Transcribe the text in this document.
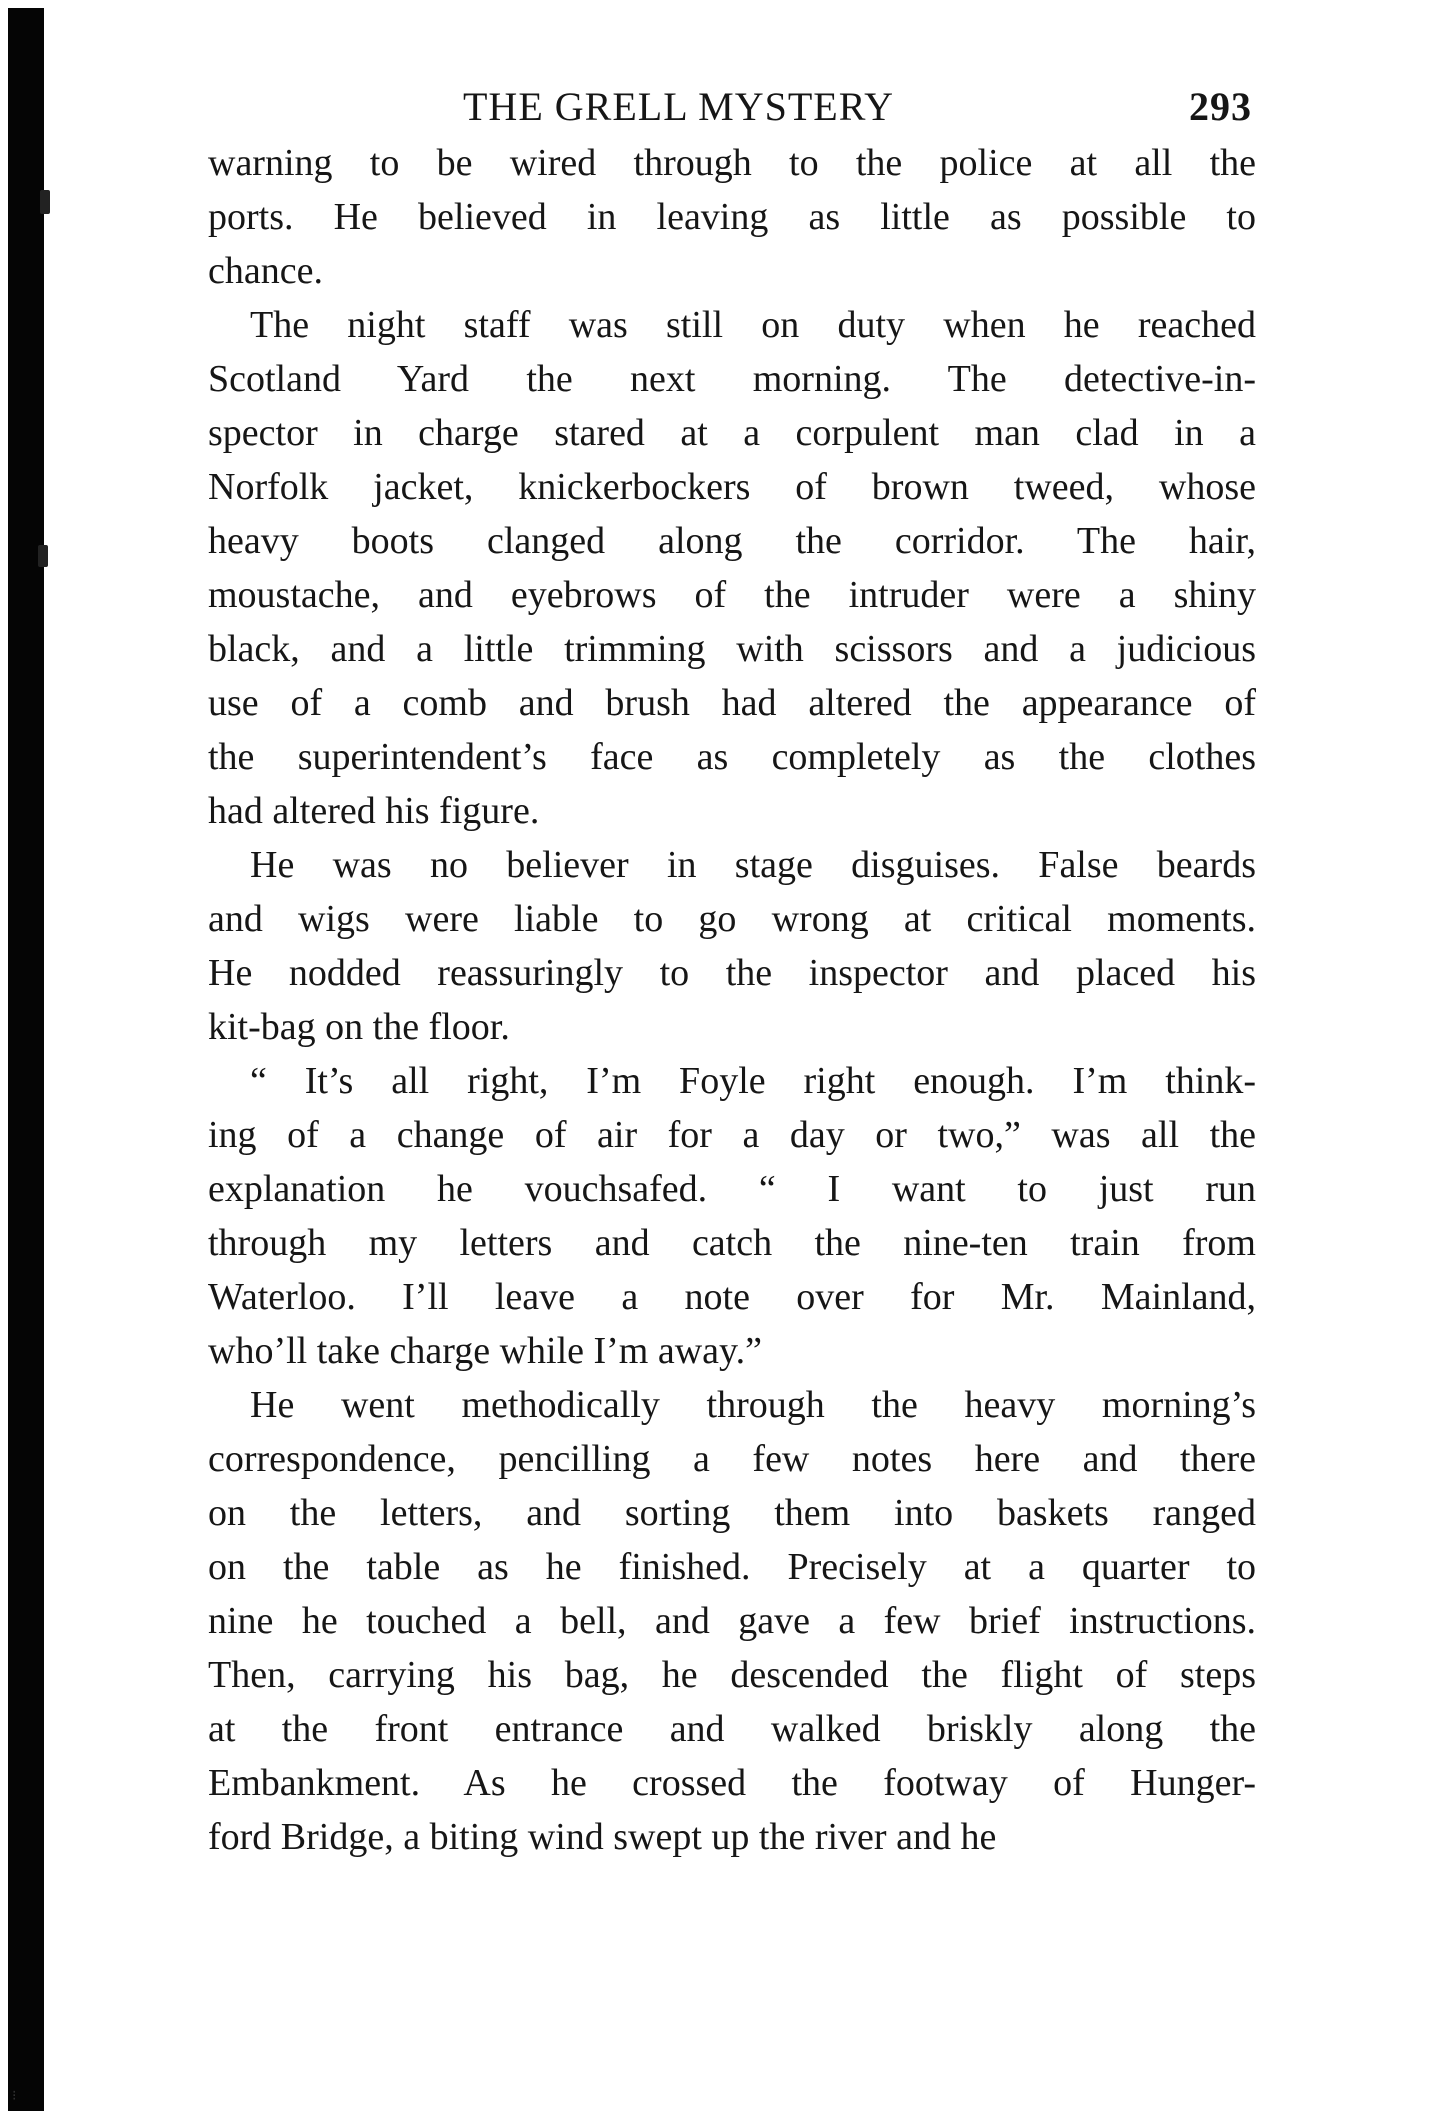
⁝
THE GRELL MYSTERY	293
warning to be wired through to the police at all the
ports. He believed in leaving as little as possible to
chance.
The night staff was still on duty when he reached
Scotland Yard the next morning. The detective-in-
spector in charge stared at a corpulent man clad in a
Norfolk jacket, knickerbockers of brown tweed, whose
heavy boots clanged along the corridor. The hair,
moustache, and eyebrows of the intruder were a shiny
black, and a little trimming with scissors and a judicious
use of a comb and brush had altered the appearance of
the superintendent’s face as completely as the clothes
had altered his figure.
He was no believer in stage disguises. False beards
and wigs were liable to go wrong at critical moments.
He nodded reassuringly to the inspector and placed his
kit-bag on the floor.
“ It’s all right, I’m Foyle right enough. I’m think-
ing of a change of air for a day or two,” was all the
explanation he vouchsafed. “ I want to just run
through my letters and catch the nine-ten train from
Waterloo. I’ll leave a note over for Mr. Mainland,
who’ll take charge while I’m away.”
He went methodically through the heavy morning’s
correspondence, pencilling a few notes here and there
on the letters, and sorting them into baskets ranged
on the table as he finished. Precisely at a quarter to
nine he touched a bell, and gave a few brief instructions.
Then, carrying his bag, he descended the flight of steps
at the front entrance and walked briskly along the
Embankment. As he crossed the footway of Hunger-
ford Bridge, a biting wind swept up the river and he
